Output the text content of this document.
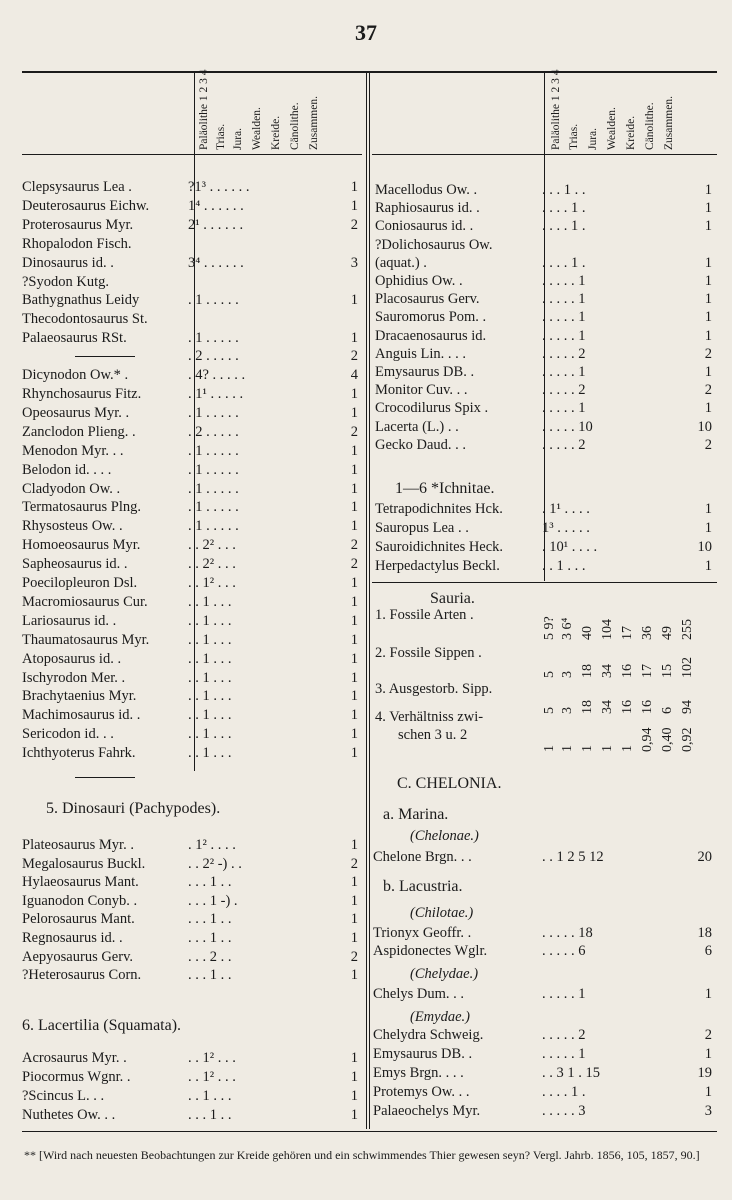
37
Paläolithe 1 2 3 4 Trias. Jura. Wealden. Kreide. Cänolithe. Zusammen.	Paläolithe 1 2 3 4 Trias. Jura. Wealden. Kreide. Cänolithe. Zusammen.
Clepsysaurus Lea .	?1³ . . . . . .	1
Deuterosaurus Eichw.	1⁴ . . . . . .	1
Proterosaurus Myr.	2¹ . . . . . .	2
Rhopalodon Fisch.
Dinosaurus id. .	3⁴ . . . . . .	3
?Syodon Kutg.
Bathygnathus Leidy	. 1 . . . . .	1
Thecodontosaurus St.
Palaeosaurus RSt.	. 1 . . . . .	1
. 2 . . . . .	2
Dicynodon Ow.* .	. 4? . . . . .	4
Rhynchosaurus Fitz.	. 1¹ . . . . .	1
Opeosaurus Myr. .	. 1 . . . . .	1
Zanclodon Plieng. .	. 2 . . . . .	2
Menodon Myr. . .	. 1 . . . . .	1
Belodon id. . . .	. 1 . . . . .	1
Cladyodon Ow. .	. 1 . . . . .	1
Termatosaurus Plng.	. 1 . . . . .	1
Rhysosteus Ow. .	. 1 . . . . .	1
Homoeosaurus Myr.	. . 2² . . .	2
Sapheosaurus id. .	. . 2² . . .	2
Poecilopleuron Dsl.	. . 1² . . .	1
Macromiosaurus Cur.	. . 1 . . .	1
Lariosaurus id. .	. . 1 . . .	1
Thaumatosaurus Myr.	. . 1 . . .	1
Atoposaurus id. .	. . 1 . . .	1
Ischyrodon Mer. .	. . 1 . . .	1
Brachytaenius Myr.	. . 1 . . .	1
Machimosaurus id. .	. . 1 . . .	1
Sericodon id. . .	. . 1 . . .	1
Ichthyoterus Fahrk.	. . 1 . . .	1
5. Dinosauri (Pachypodes).
Plateosaurus Myr. .	. 1² . . . .	1
Megalosaurus Buckl.	. . 2² -) . .	2
Hylaeosaurus Mant.	. . . 1 . .	1
Iguanodon Conyb. .	. . . 1 -) .	1
Pelorosaurus Mant.	. . . 1 . .	1
Regnosaurus id. .	. . . 1 . .	1
Aepyosaurus Gerv.	. . . 2 . .	2
?Heterosaurus Corn.	. . . 1 . .	1
6. Lacertilia (Squamata).
Acrosaurus Myr. .	. . 1² . . .	1
Piocormus Wgnr. .	. . 1² . . .	1
?Scincus L. . .	. . 1 . . .	1
Nuthetes Ow. . .	. . . 1 . .	1
Macellodus Ow. .	. . . 1 . .	1
Raphiosaurus id. .	. . . . 1 .	1
Coniosaurus id. .	. . . . 1 .	1
?Dolichosaurus Ow.
(aquat.) .	. . . . 1 .	1
Ophidius Ow. .	. . . . . 1	1
Placosaurus Gerv.	. . . . . 1	1
Sauromorus Pom. .	. . . . . 1	1
Dracaenosaurus id.	. . . . . 1	1
Anguis Lin. . . .	. . . . . 2	2
Emysaurus DB. .	. . . . . 1	1
Monitor Cuv. . .	. . . . . 2	2
Crocodilurus Spix .	. . . . . 1	1
Lacerta (L.) . .	. . . . . 10	10
Gecko Daud. . .	. . . . . 2	2
1—6 *Ichnitae.
Tetrapodichnites Hck.	. 1¹ . . . .	1
Sauropus Lea . .	1³ . . . . .	1
Sauroidichnites Heck.	. 10¹ . . . .	10
Herpedactylus Beckl.	. . 1 . . .	1
Sauria.
1. Fossile Arten .
5 9? 3 6⁴ 40 104 17 36 49 255
2. Fossile Sippen .
5 3 18 34 16 17 15 102
3. Ausgestorb. Sipp.
5 3 18 34 16 16 6 94
4. Verhältniss zwi-
1 1 1 1 1 0,94 0,40 0,92
schen 3 u. 2
C. CHELONIA.
a. Marina.
(Chelonae.)
Chelone Brgn. . .	. . 1 2 5 12	20
b. Lacustria.
(Chilotae.)
Trionyx Geoffr. .	. . . . . 18	18
Aspidonectes Wglr.	. . . . . 6	6
(Chelydae.)
Chelys Dum. . .	. . . . . 1	1
(Emydae.)
Chelydra Schweig.	. . . . . 2	2
Emysaurus DB. .	. . . . . 1	1
Emys Brgn. . . .	. . 3 1 . 15	19
Protemys Ow. . .	. . . . 1 .	1
Palaeochelys Myr.	. . . . . 3	3
** [Wird nach neuesten Beobachtungen zur Kreide gehören und ein schwimmendes Thier gewesen seyn? Vergl. Jahrb. 1856, 105, 1857, 90.]
